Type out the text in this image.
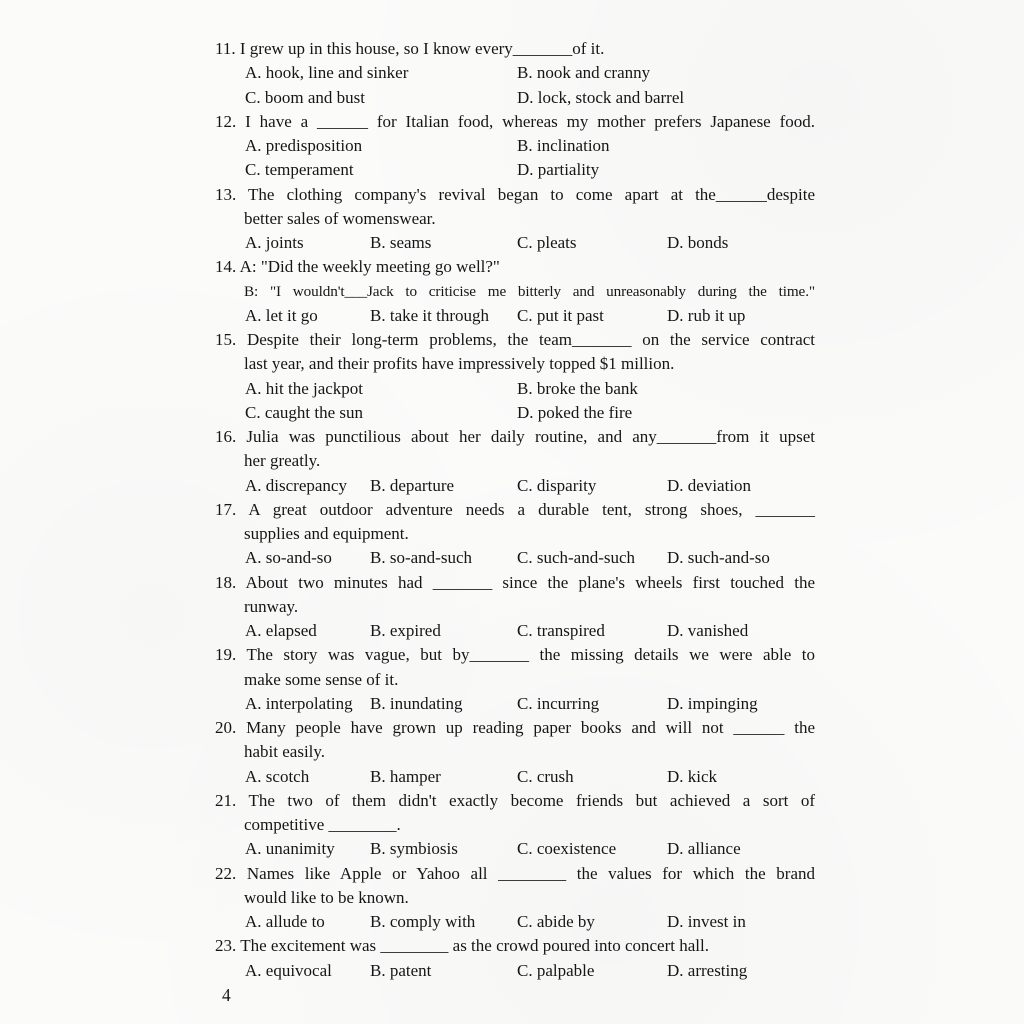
11. I grew up in this house, so I know every_______of it.
A. hook, line and sinker	B. nook and cranny
C. boom and bust	D. lock, stock and barrel
12. I have a ______ for Italian food, whereas my mother prefers Japanese food.
A. predisposition	B. inclination
C. temperament	D. partiality
13. The clothing company's revival began to come apart at the______despite
better sales of womenswear.
A. joints	B. seams	C. pleats	D. bonds
14. A: "Did the weekly meeting go well?"
B: "I wouldn't___Jack to criticise me bitterly and unreasonably during the time."
A. let it go	B. take it through	C. put it past	D. rub it up
15. Despite their long-term problems, the team_______ on the service contract
last year, and their profits have impressively topped $1 million.
A. hit the jackpot	B. broke the bank
C. caught the sun	D. poked the fire
16. Julia was punctilious about her daily routine, and any_______from it upset
her greatly.
A. discrepancy	B. departure	C. disparity	D. deviation
17. A great outdoor adventure needs a durable tent, strong shoes, _______
supplies and equipment.
A. so-and-so	B. so-and-such	C. such-and-such	D. such-and-so
18. About two minutes had _______ since the plane's wheels first touched the
runway.
A. elapsed	B. expired	C. transpired	D. vanished
19. The story was vague, but by_______ the missing details we were able to
make some sense of it.
A. interpolating	B. inundating	C. incurring	D. impinging
20. Many people have grown up reading paper books and will not ______ the
habit easily.
A. scotch	B. hamper	C. crush	D. kick
21. The two of them didn't exactly become friends but achieved a sort of
competitive ________.
A. unanimity	B. symbiosis	C. coexistence	D. alliance
22. Names like Apple or Yahoo all ________ the values for which the brand
would like to be known.
A. allude to	B. comply with	C. abide by	D. invest in
23. The excitement was ________ as the crowd poured into concert hall.
A. equivocal	B. patent	C. palpable	D. arresting
4
